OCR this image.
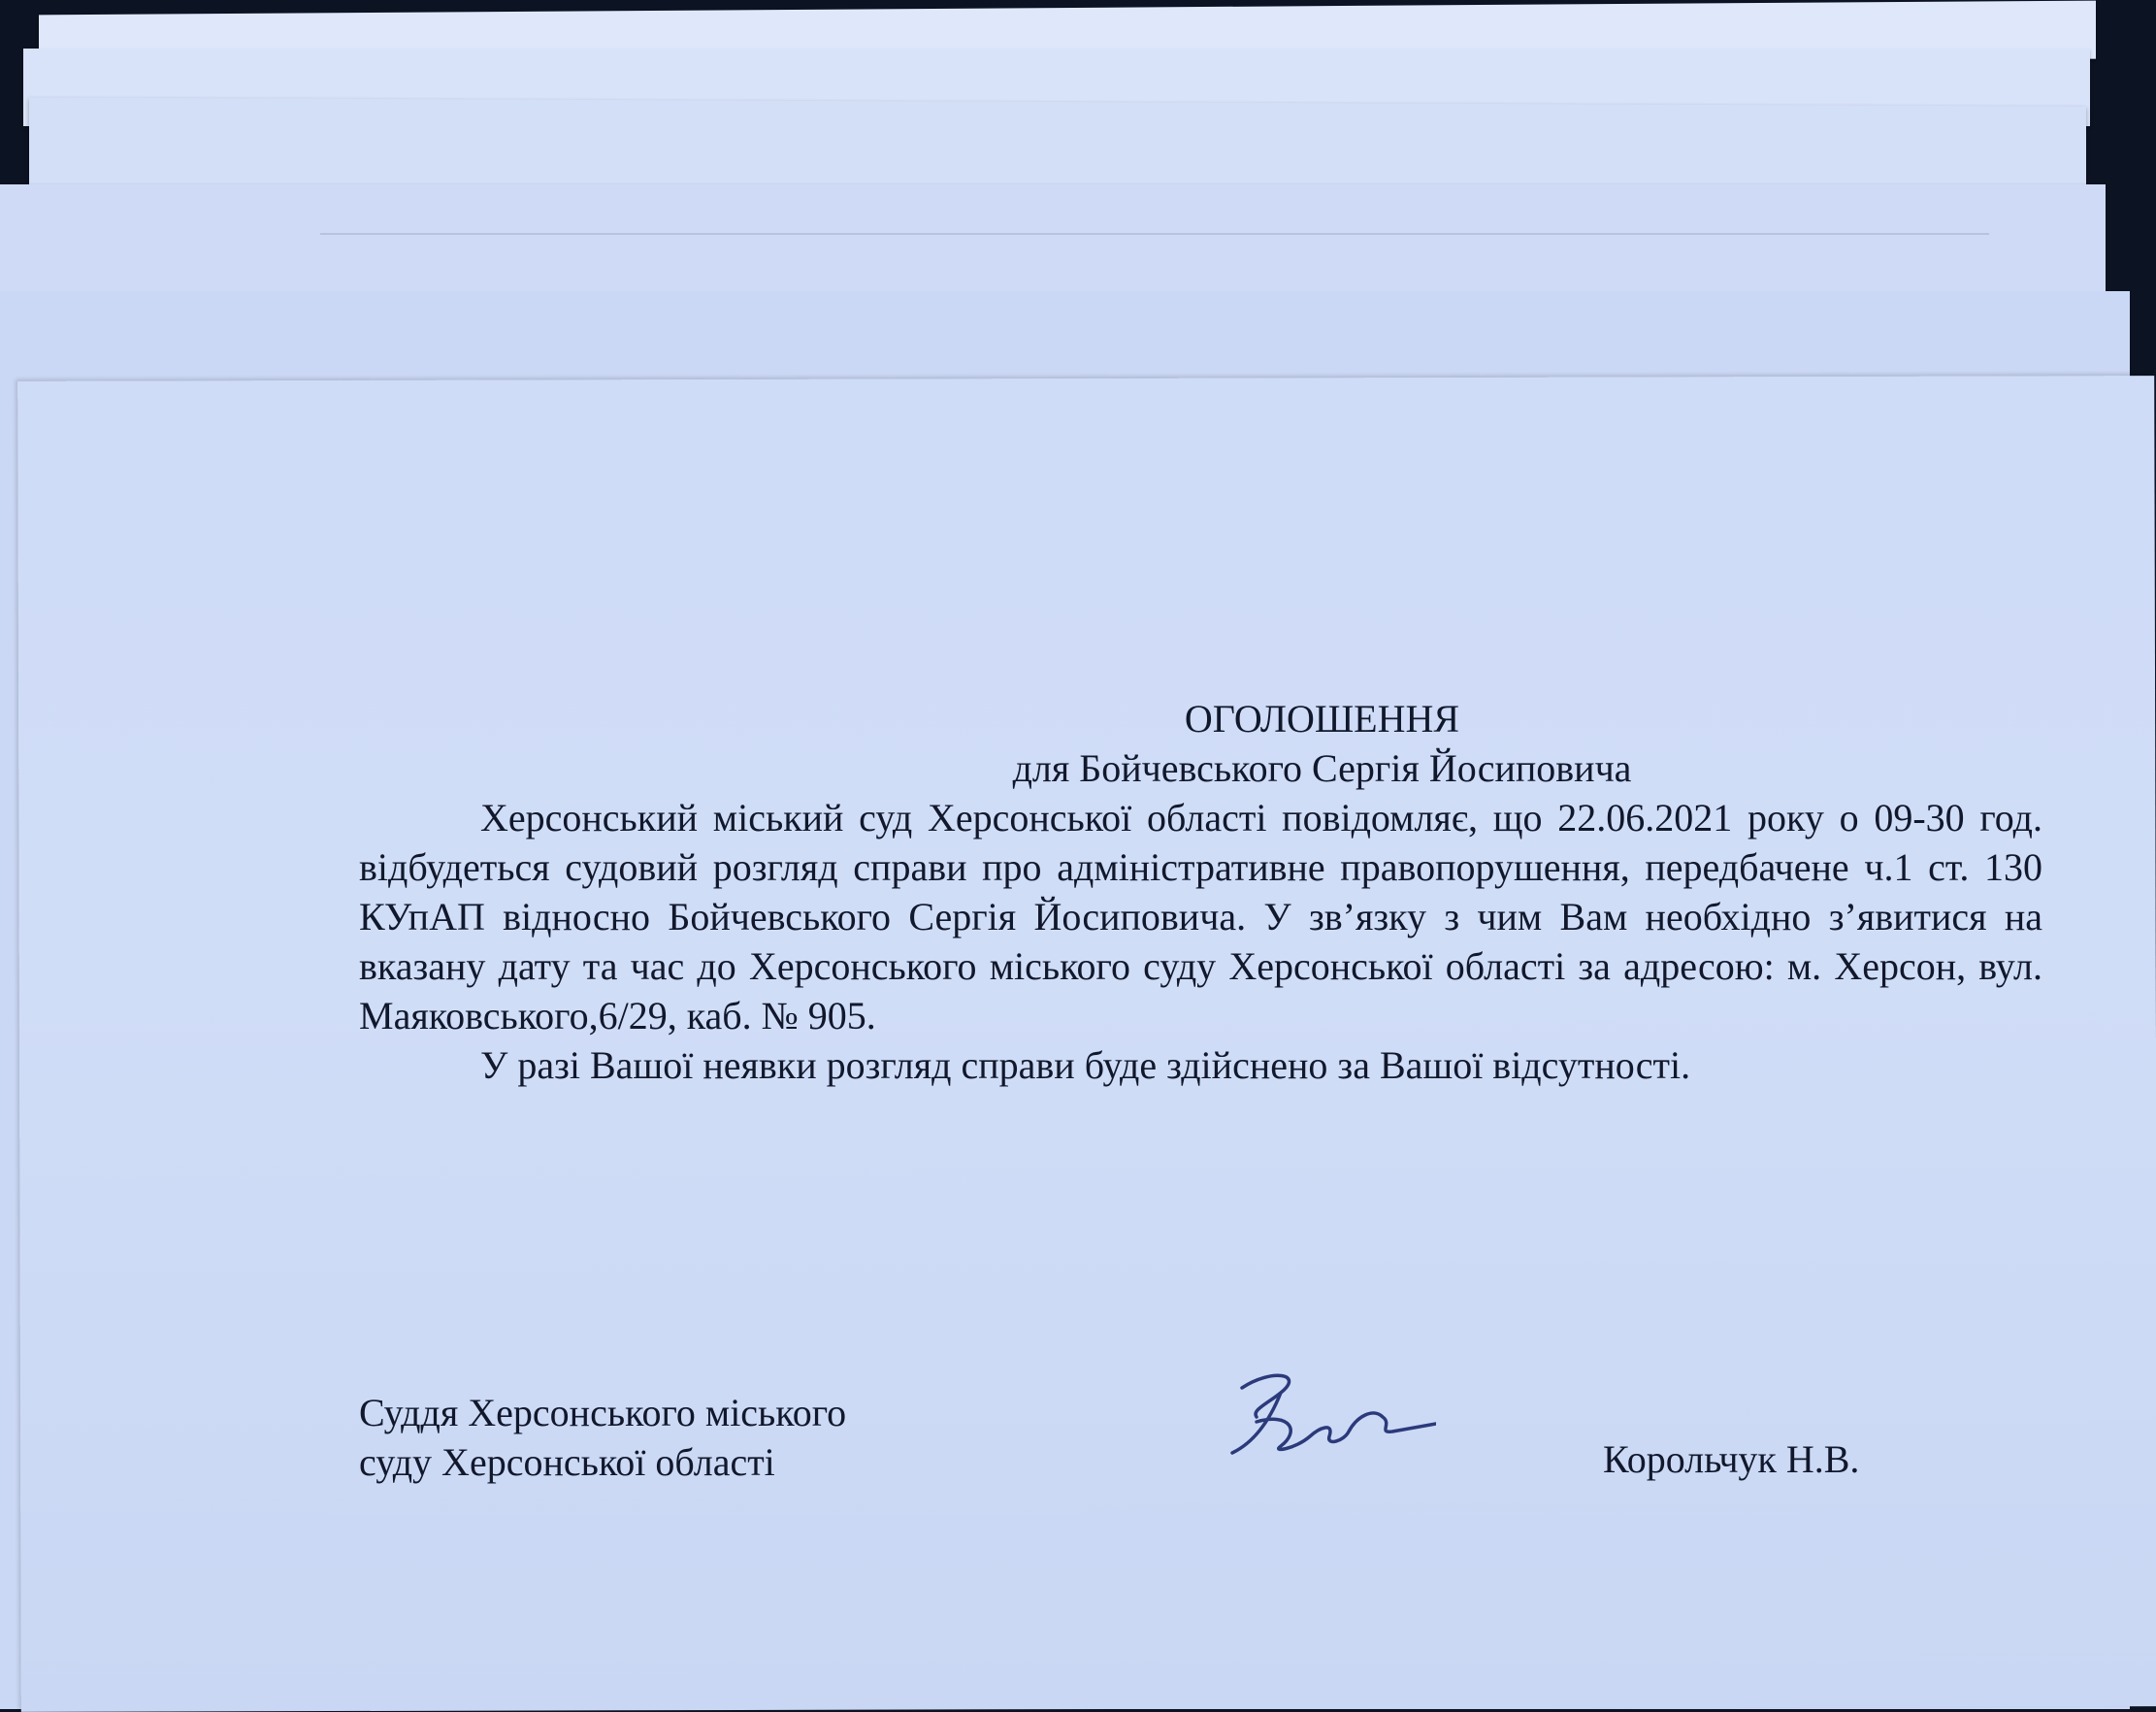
ОГОЛОШЕННЯ

для Бойчевського Сергія Йосиповича

Херсонський міський суд Херсонської області повідомляє, що 22.06.2021 року о 09-30 год. відбудеться судовий розгляд справи про адміністративне правопорушення, передбачене ч.1 ст. 130 КУпАП відносно Бойчевського Сергія Йосиповича. У зв’язку з чим Вам необхідно з’явитися на вказану дату та час до Херсонського міського суду Херсонської області за адресою: м. Херсон, вул. Маяковського,6/29, каб. № 905.

У разі Вашої неявки розгляд справи буде здійснено за Вашої відсутності.

Суддя Херсонського міського
суду Херсонської області	Корольчук Н.В.
